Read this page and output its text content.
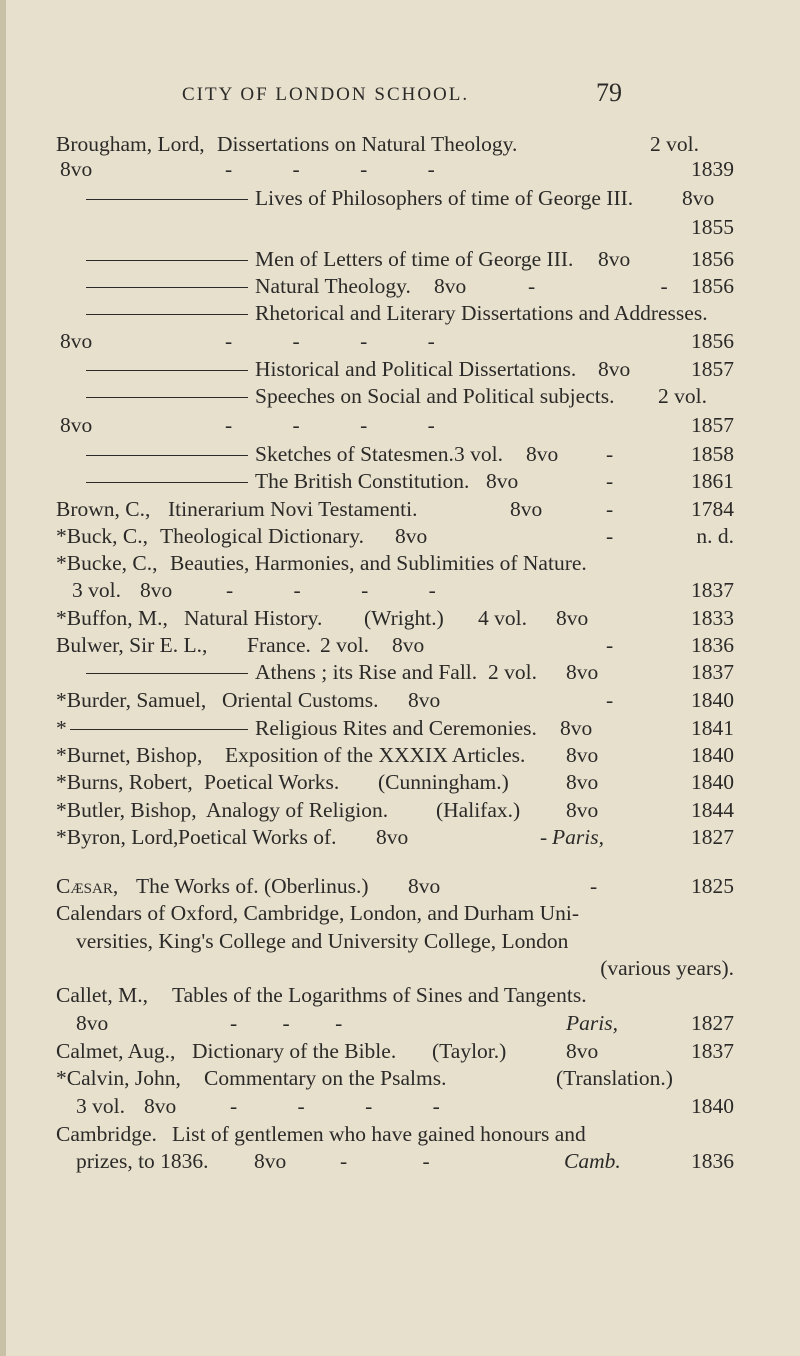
CITY OF LONDON SCHOOL.	79
Brougham, Lord, Dissertations on Natural Theology.	2 vol.
8vo	- - - -	1839
Lives of Philosophers of time of George III. 8vo
1855
Men of Letters of time of George III. 8vo	1856
Natural Theology. 8vo	- -	1856
Rhetorical and Literary Dissertations and Addresses.
8vo	- - - -	1856
Historical and Political Dissertations. 8vo	1857
Speeches on Social and Political subjects. 2 vol.
8vo	- - - -	1857
Sketches of Statesmen. 3 vol. 8vo -	1858
The British Constitution. 8vo	-	1861
Brown, C., Itinerarium Novi Testamenti.	8vo	-	1784
*Buck, C., Theological Dictionary. 8vo	-	n. d.
*Bucke, C., Beauties, Harmonies, and Sublimities of Nature.
3 vol. 8vo	- - - -	1837
*Buffon, M., Natural History. (Wright.) 4 vol. 8vo	1833
Bulwer, Sir E. L., France. 2 vol. 8vo	-	1836
Athens ; its Rise and Fall. 2 vol. 8vo	1837
*Burder, Samuel, Oriental Customs. 8vo	-	1840
*	Religious Rites and Ceremonies. 8vo	1841
*Burnet, Bishop, Exposition of the XXXIX Articles. 8vo	1840
*Burns, Robert, Poetical Works. (Cunningham.)	8vo	1840
*Butler, Bishop, Analogy of Religion. (Halifax.) 8vo	1844
*Byron, Lord, Poetical Works of. 8vo	- Paris,	1827
Cæsar, The Works of. (Oberlinus.) 8vo	-	1825
Calendars of Oxford, Cambridge, London, and Durham Uni-
versities, King's College and University College, London
(various years).
Callet, M., Tables of the Logarithms of Sines and Tangents.
8vo	- - -	Paris,	1827
Calmet, Aug., Dictionary of the Bible. (Taylor.)	8vo	1837
*Calvin, John, Commentary on the Psalms.	(Translation.)
3 vol. 8vo	- - - -	1840
Cambridge. List of gentlemen who have gained honours and
prizes, to 1836. 8vo	- -	Camb.	1836
